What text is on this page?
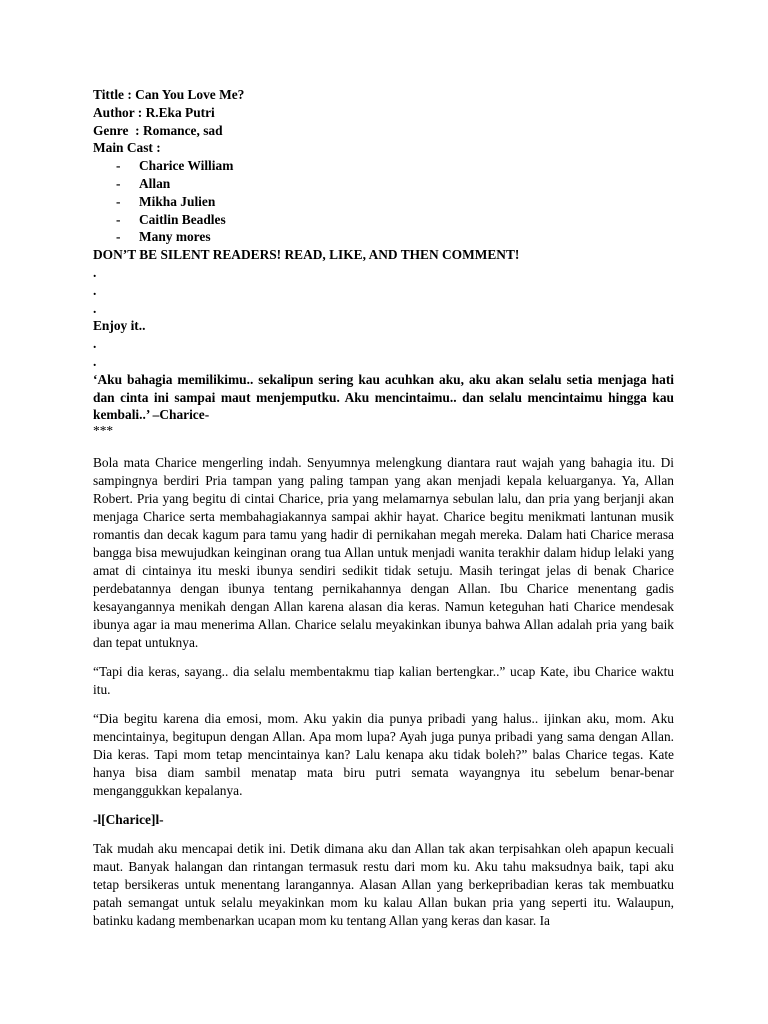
Tittle : Can You Love Me?
Author : R.Eka Putri
Genre  : Romance, sad
Main Cast :
- Charice William
- Allan
- Mikha Julien
- Caitlin Beadles
- Many mores
DON’T BE SILENT READERS! READ, LIKE, AND THEN COMMENT!
.
.
.
Enjoy it..
.
.
‘Aku bahagia memilikimu.. sekalipun sering kau acuhkan aku, aku akan selalu setia menjaga hati dan cinta ini sampai maut menjemputku. Aku mencintaimu.. dan selalu mencintaimu hingga kau kembali..’ –Charice-
***

Bola mata Charice mengerling indah. Senyumnya melengkung diantara raut wajah yang bahagia itu. Di sampingnya berdiri Pria tampan yang paling tampan yang akan menjadi kepala keluarganya. Ya, Allan Robert. Pria yang begitu di cintai Charice, pria yang melamarnya sebulan lalu, dan pria yang berjanji akan menjaga Charice serta membahagiakannya sampai akhir hayat. Charice begitu menikmati lantunan musik romantis dan decak kagum para tamu yang hadir di pernikahan megah mereka. Dalam hati Charice merasa bangga bisa mewujudkan keinginan orang tua Allan untuk menjadi wanita terakhir dalam hidup lelaki yang amat di cintainya itu meski ibunya sendiri sedikit tidak setuju. Masih teringat jelas di benak Charice perdebatannya dengan ibunya tentang pernikahannya dengan Allan. Ibu Charice menentang gadis kesayangannya menikah dengan Allan karena alasan dia keras. Namun keteguhan hati Charice mendesak ibunya agar ia mau menerima Allan. Charice selalu meyakinkan ibunya bahwa Allan adalah pria yang baik dan tepat untuknya.

“Tapi dia keras, sayang.. dia selalu membentakmu tiap kalian bertengkar..” ucap Kate, ibu Charice waktu itu.

“Dia begitu karena dia emosi, mom. Aku yakin dia punya pribadi yang halus.. ijinkan aku, mom. Aku mencintainya, begitupun dengan Allan. Apa mom lupa? Ayah juga punya pribadi yang sama dengan Allan. Dia keras. Tapi mom tetap mencintainya kan? Lalu kenapa aku tidak boleh?” balas Charice tegas. Kate hanya bisa diam sambil menatap mata biru putri semata wayangnya itu sebelum benar-benar menganggukkan kepalanya.

-l[Charice]l-

Tak mudah aku mencapai detik ini. Detik dimana aku dan Allan tak akan terpisahkan oleh apapun kecuali maut. Banyak halangan dan rintangan termasuk restu dari mom ku. Aku tahu maksudnya baik, tapi aku tetap bersikeras untuk menentang larangannya. Alasan Allan yang berkepribadian keras tak membuatku patah semangat untuk selalu meyakinkan mom ku kalau Allan bukan pria yang seperti itu. Walaupun, batinku kadang membenarkan ucapan mom ku tentang Allan yang keras dan kasar. Ia
